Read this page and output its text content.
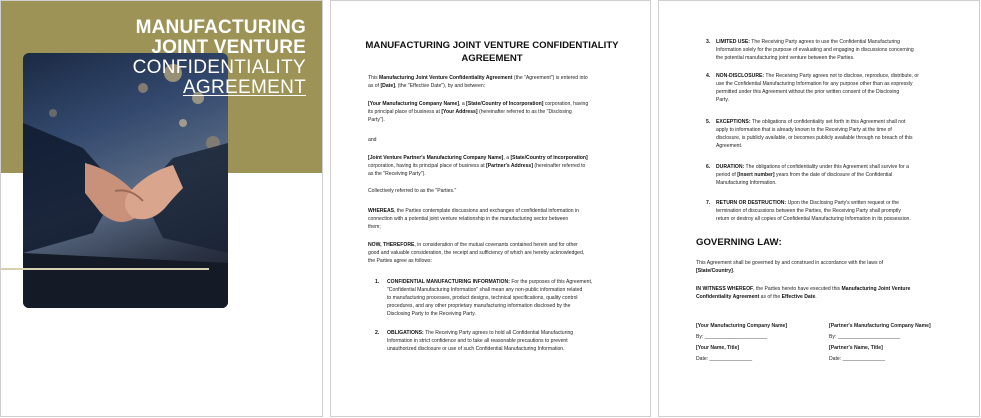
MANUFACTURING
JOINT VENTURE
CONFIDENTIALITY
AGREEMENT
MANUFACTURING JOINT VENTURE CONFIDENTIALITY
AGREEMENT
This Manufacturing Joint Venture Confidentiality Agreement (the "Agreement") is entered into
as of [Date], (the "Effective Date"), by and between:
[Your Manufacturing Company Name], a [State/Country of Incorporation] corporation, having
its principal place of business at [Your Address] (hereinafter referred to as the "Disclosing
Party").
and
[Joint Venture Partner's Manufacturing Company Name], a [State/Country of Incorporation]
corporation, having its principal place of business at [Partner's Address] (hereinafter referred to
as the "Receiving Party").
Collectively referred to as the "Parties."
WHEREAS, the Parties contemplate discussions and exchanges of confidential information in
connection with a potential joint venture relationship in the manufacturing sector between
them;
NOW, THEREFORE, in consideration of the mutual covenants contained herein and for other
good and valuable consideration, the receipt and sufficiency of which are hereby acknowledged,
the Parties agree as follows:
1. CONFIDENTIAL MANUFACTURING INFORMATION: For the purposes of this Agreement,
"Confidential Manufacturing Information" shall mean any non-public information related
to manufacturing processes, product designs, technical specifications, quality control
procedures, and any other proprietary manufacturing information disclosed by the
Disclosing Party to the Receiving Party.
2. OBLIGATIONS: The Receiving Party agrees to hold all Confidential Manufacturing
Information in strict confidence and to take all reasonable precautions to prevent
unauthorized disclosure or use of such Confidential Manufacturing Information.
3. LIMITED USE: The Receiving Party agrees to use the Confidential Manufacturing
Information solely for the purpose of evaluating and engaging in discussions concerning
the potential manufacturing joint venture between the Parties.
4. NON-DISCLOSURE: The Receiving Party agrees not to disclose, reproduce, distribute, or
use the Confidential Manufacturing Information for any purpose other than as expressly
permitted under this Agreement without the prior written consent of the Disclosing
Party.
5. EXCEPTIONS: The obligations of confidentiality set forth in this Agreement shall not
apply to information that is already known to the Receiving Party at the time of
disclosure, is publicly available, or becomes publicly available through no breach of this
Agreement.
6. DURATION: The obligations of confidentiality under this Agreement shall survive for a
period of [Insert number] years from the date of disclosure of the Confidential
Manufacturing Information.
7. RETURN OR DESTRUCTION: Upon the Disclosing Party's written request or the
termination of discussions between the Parties, the Receiving Party shall promptly
return or destroy all copies of Confidential Manufacturing Information in its possession.
GOVERNING LAW:
This Agreement shall be governed by and construed in accordance with the laws of
[State/Country].
IN WITNESS WHEREOF, the Parties hereto have executed this Manufacturing Joint Venture
Confidentiality Agreement as of the Effective Date.
[Your Manufacturing Company Name]
By: ______________________
[Your Name, Title]
Date: _______________
[Partner's Manufacturing Company Name]
By: ______________________
[Partner's Name, Title]
Date: _______________
